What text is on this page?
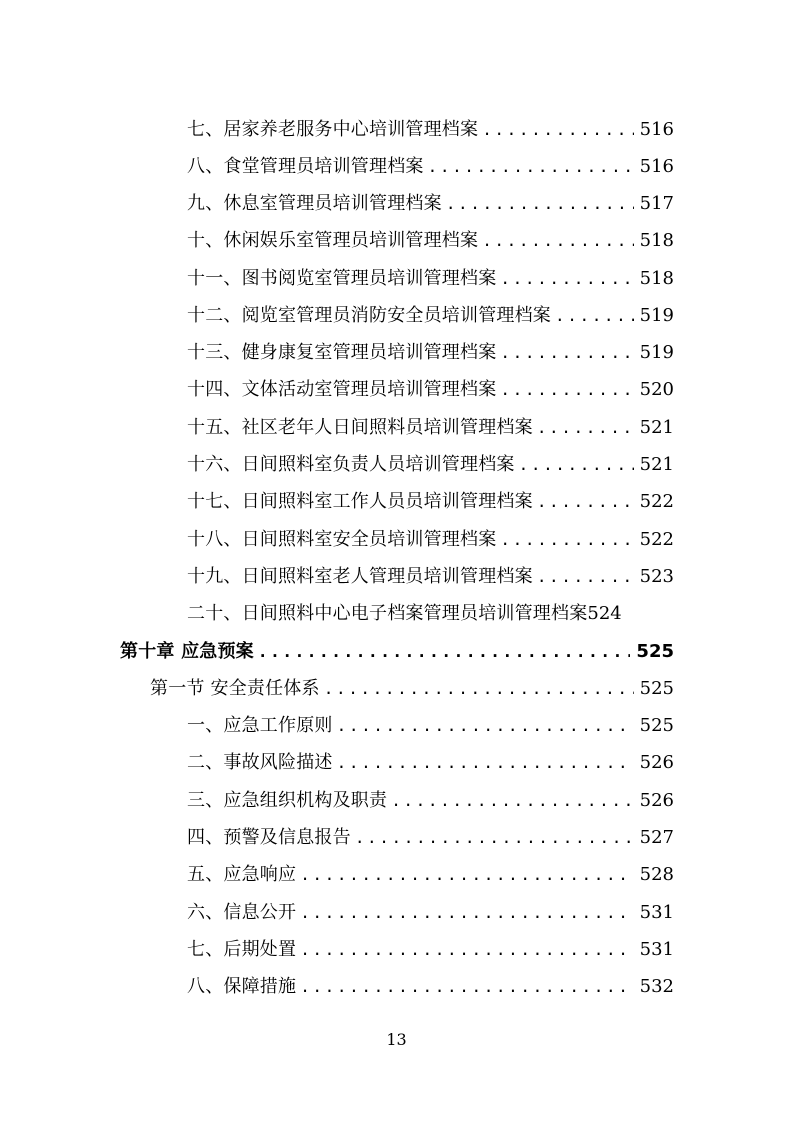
七、居家养老服务中心培训管理档案 .....	516
八、食堂管理员培训管理档案 .....	516
九、休息室管理员培训管理档案 .....	517
十、休闲娱乐室管理员培训管理档案 .....	518
十一、图书阅览室管理员培训管理档案 .....	518
十二、阅览室管理员消防安全员培训管理档案 .....	519
十三、健身康复室管理员培训管理档案 .....	519
十四、文体活动室管理员培训管理档案 .....	520
十五、社区老年人日间照料员培训管理档案 .....	521
十六、日间照料室负责人员培训管理档案 .....	521
十七、日间照料室工作人员员培训管理档案 .....	522
十八、日间照料室安全员培训管理档案 .....	522
十九、日间照料室老人管理员培训管理档案 .....	523
二十、日间照料中心电子档案管理员培训管理档案 524
第十章 应急预案 .....	525
第一节 安全责任体系 .....	525
一、应急工作原则 .....	525
二、事故风险描述 .....	526
三、应急组织机构及职责 .....	526
四、预警及信息报告 .....	527
五、应急响应 .....	528
六、信息公开 .....	531
七、后期处置 .....	531
八、保障措施 .....	532
13
